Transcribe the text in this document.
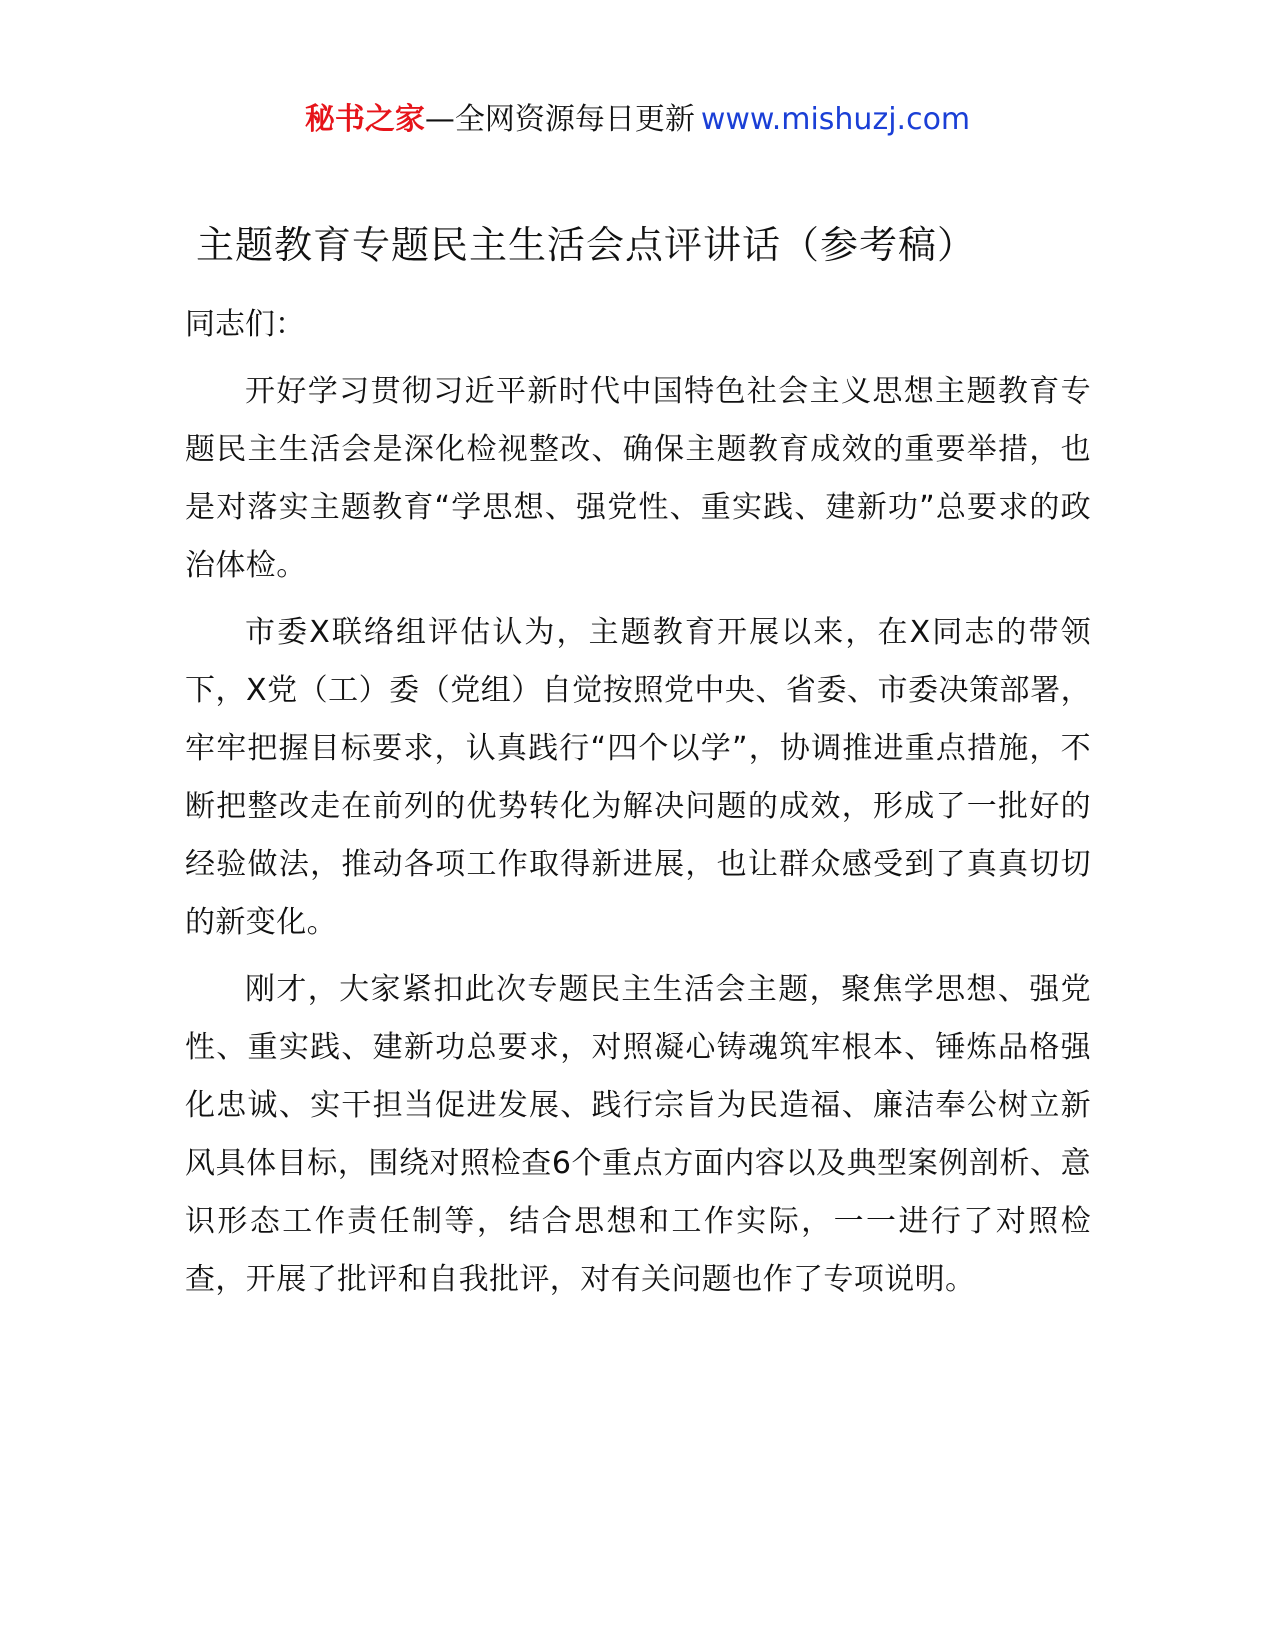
秘书之家—全网资源每日更新 www.mishuzj.com
主题教育专题民主生活会点评讲话（参考稿）

同志们：

开好学习贯彻习近平新时代中国特色社会主义思想主题教育专题民主生活会是深化检视整改、确保主题教育成效的重要举措，也是对落实主题教育“学思想、强党性、重实践、建新功”总要求的政治体检。

市委X联络组评估认为，主题教育开展以来，在X同志的带领下，X党（工）委（党组）自觉按照党中央、省委、市委决策部署，牢牢把握目标要求，认真践行“四个以学”，协调推进重点措施，不断把整改走在前列的优势转化为解决问题的成效，形成了一批好的经验做法，推动各项工作取得新进展，也让群众感受到了真真切切的新变化。

刚才，大家紧扣此次专题民主生活会主题，聚焦学思想、强党性、重实践、建新功总要求，对照凝心铸魂筑牢根本、锤炼品格强化忠诚、实干担当促进发展、践行宗旨为民造福、廉洁奉公树立新风具体目标，围绕对照检查6个重点方面内容以及典型案例剖析、意识形态工作责任制等，结合思想和工作实际，一一进行了对照检查，开展了批评和自我批评，对有关问题也作了专项说明。
